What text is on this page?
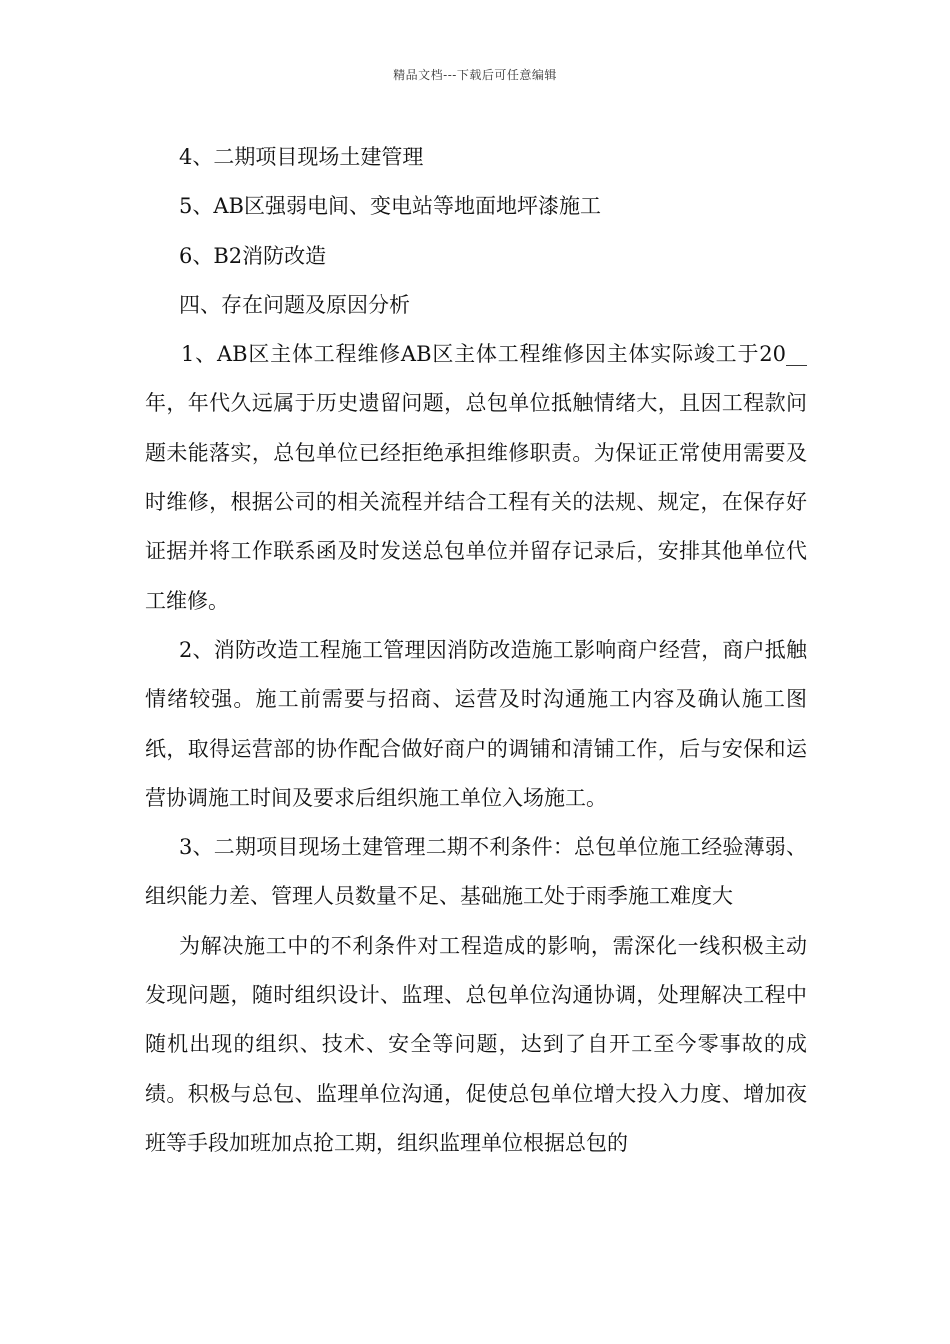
精品文档---下载后可任意编辑

4、二期项目现场土建管理

5、AB区强弱电间、变电站等地面地坪漆施工

6、B2消防改造

四、存在问题及原因分析

1、AB区主体工程维修AB区主体工程维修因主体实际竣工于20__年，年代久远属于历史遗留问题，总包单位抵触情绪大，且因工程款问题未能落实，总包单位已经拒绝承担维修职责。为保证正常使用需要及时维修，根据公司的相关流程并结合工程有关的法规、规定，在保存好证据并将工作联系函及时发送总包单位并留存记录后，安排其他单位代工维修。

2、消防改造工程施工管理因消防改造施工影响商户经营，商户抵触情绪较强。施工前需要与招商、运营及时沟通施工内容及确认施工图纸，取得运营部的协作配合做好商户的调铺和清铺工作，后与安保和运营协调施工时间及要求后组织施工单位入场施工。

3、二期项目现场土建管理二期不利条件：总包单位施工经验薄弱、组织能力差、管理人员数量不足、基础施工处于雨季施工难度大

为解决施工中的不利条件对工程造成的影响，需深化一线积极主动发现问题，随时组织设计、监理、总包单位沟通协调，处理解决工程中随机出现的组织、技术、安全等问题，达到了自开工至今零事故的成绩。积极与总包、监理单位沟通，促使总包单位增大投入力度、增加夜班等手段加班加点抢工期，组织监理单位根据总包的
